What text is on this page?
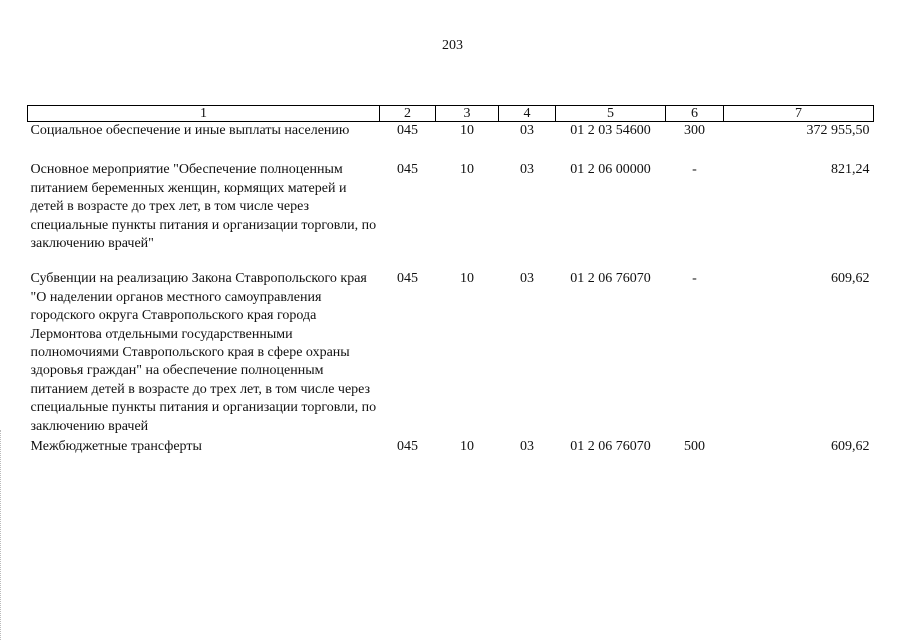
203
1	2	3	4	5	6	7
Социальное обеспечение и иные выплаты населению	045	10	03	01 2 03 54600	300	372 955,50
Основное мероприятие "Обеспечение полноценным питанием беременных женщин, кормящих матерей и детей в возрасте до трех лет, в том числе через специальные пункты питания и организации торговли, по заключению врачей"	045	10	03	01 2 06 00000	-	821,24
Субвенции на реализацию Закона Ставропольского края "О наделении органов местного самоуправления городского округа Ставропольского края города Лермонтова отдельными государственными полномочиями Ставропольского края в сфере охраны здоровья граждан" на обеспечение полноценным питанием детей в возрасте до трех лет, в том числе через специальные пункты питания и организации торговли, по заключению врачей	045	10	03	01 2 06 76070	-	609,62
Межбюджетные трансферты	045	10	03	01 2 06 76070	500	609,62
